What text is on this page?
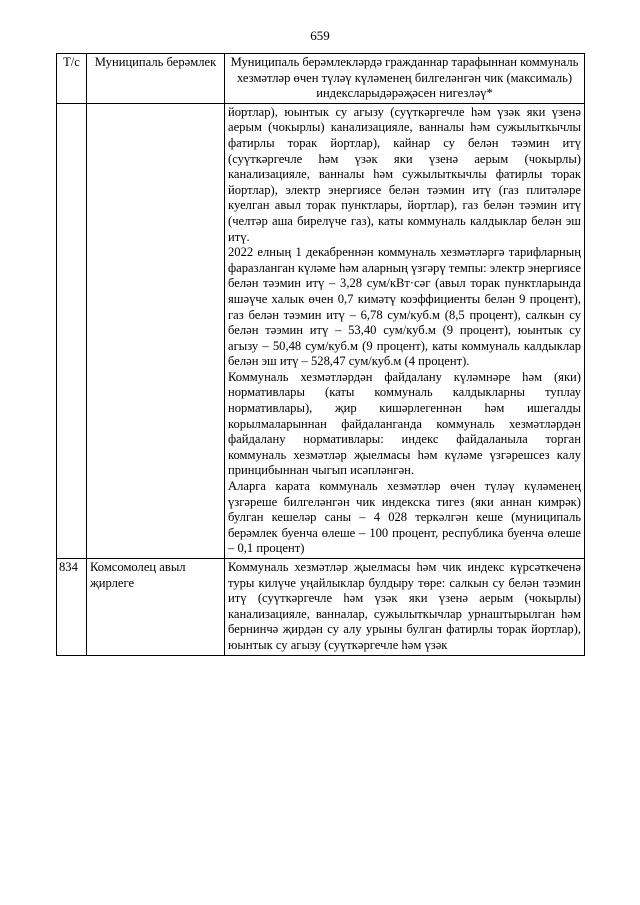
659
Т/с	Муниципаль берәмлек	Муниципаль берәмлекләрдә гражданнар тарафыннан коммуналь хезмәтләр өчен түләү күләменең билгеләнгән чик (максималь) индексларыдәрәҗәсен нигезләү*

		йортлар), юынтык су агызу (суүткәргечле һәм үзәк яки үзенә аерым (чокырлы) канализацияле, ванналы һәм сужылыткычлы фатирлы торак йортлар), кайнар су белән тәэмин итү (суүткәргечле һәм үзәк яки үзенә аерым (чокырлы) канализацияле, ванналы һәм сужылыткычлы фатирлы торак йортлар), электр энергиясе белән тәэмин итү (газ плитәләре куелган авыл торак пунктлары, йортлар), газ белән тәэмин итү (челтәр аша бирелүче газ), каты коммуналь калдыклар белән эш итү.

2022 елның 1 декабреннән коммуналь хезмәтләргә тарифларның фаразланган күләме һәм аларның үзгәрү темпы: электр энергиясе белән тәэмин итү – 3,28 сум/кВт·сәг (авыл торак пунктларында яшәүче халык өчен 0,7 кимәтү коэффициенты белән 9 процент), газ белән тәэмин итү – 6,78 сум/куб.м (8,5 процент), салкын су белән тәэмин итү – 53,40 сум/куб.м (9 процент), юынтык су агызу – 50,48 сум/куб.м (9 процент), каты коммуналь калдыклар белән эш итү – 528,47 сум/куб.м (4 процент).

Коммуналь хезмәтләрдән файдалану күләмнәре һәм (яки) нормативлары (каты коммуналь калдыкларны туплау нормативлары), җир кишәрлегеннән һәм ишегалды корылмаларыннан файдаланганда коммуналь хезмәтләрдән файдалану нормативлары: индекс файдаланыла торган коммуналь хезмәтләр җыелмасы һәм күләме үзгәрешсез калу принцибыннан чыгып исәпләнгән.

Аларга карата коммуналь хезмәтләр өчен түләү күләменең үзгәреше билгеләнгән чик индекска тигез (яки аннан кимрәк) булган кешеләр саны – 4 028 теркәлгән кеше (муниципаль берәмлек буенча өлеше – 100 процент, республика буенча өлеше – 0,1 процент)

834	Комсомолец авыл җирлеге	Коммуналь хезмәтләр җыелмасы һәм чик индекс күрсәткеченә туры килүче уңайлыклар булдыру төре: салкын су белән тәэмин итү (суүткәргечле һәм үзәк яки үзенә аерым (чокырлы) канализацияле, ванналар, сужылыткычлар урнаштырылган һәм бернинчә җирдән су алу урыны булган фатирлы торак йортлар), юынтык су агызу (суүткәргечле һәм үзәк
